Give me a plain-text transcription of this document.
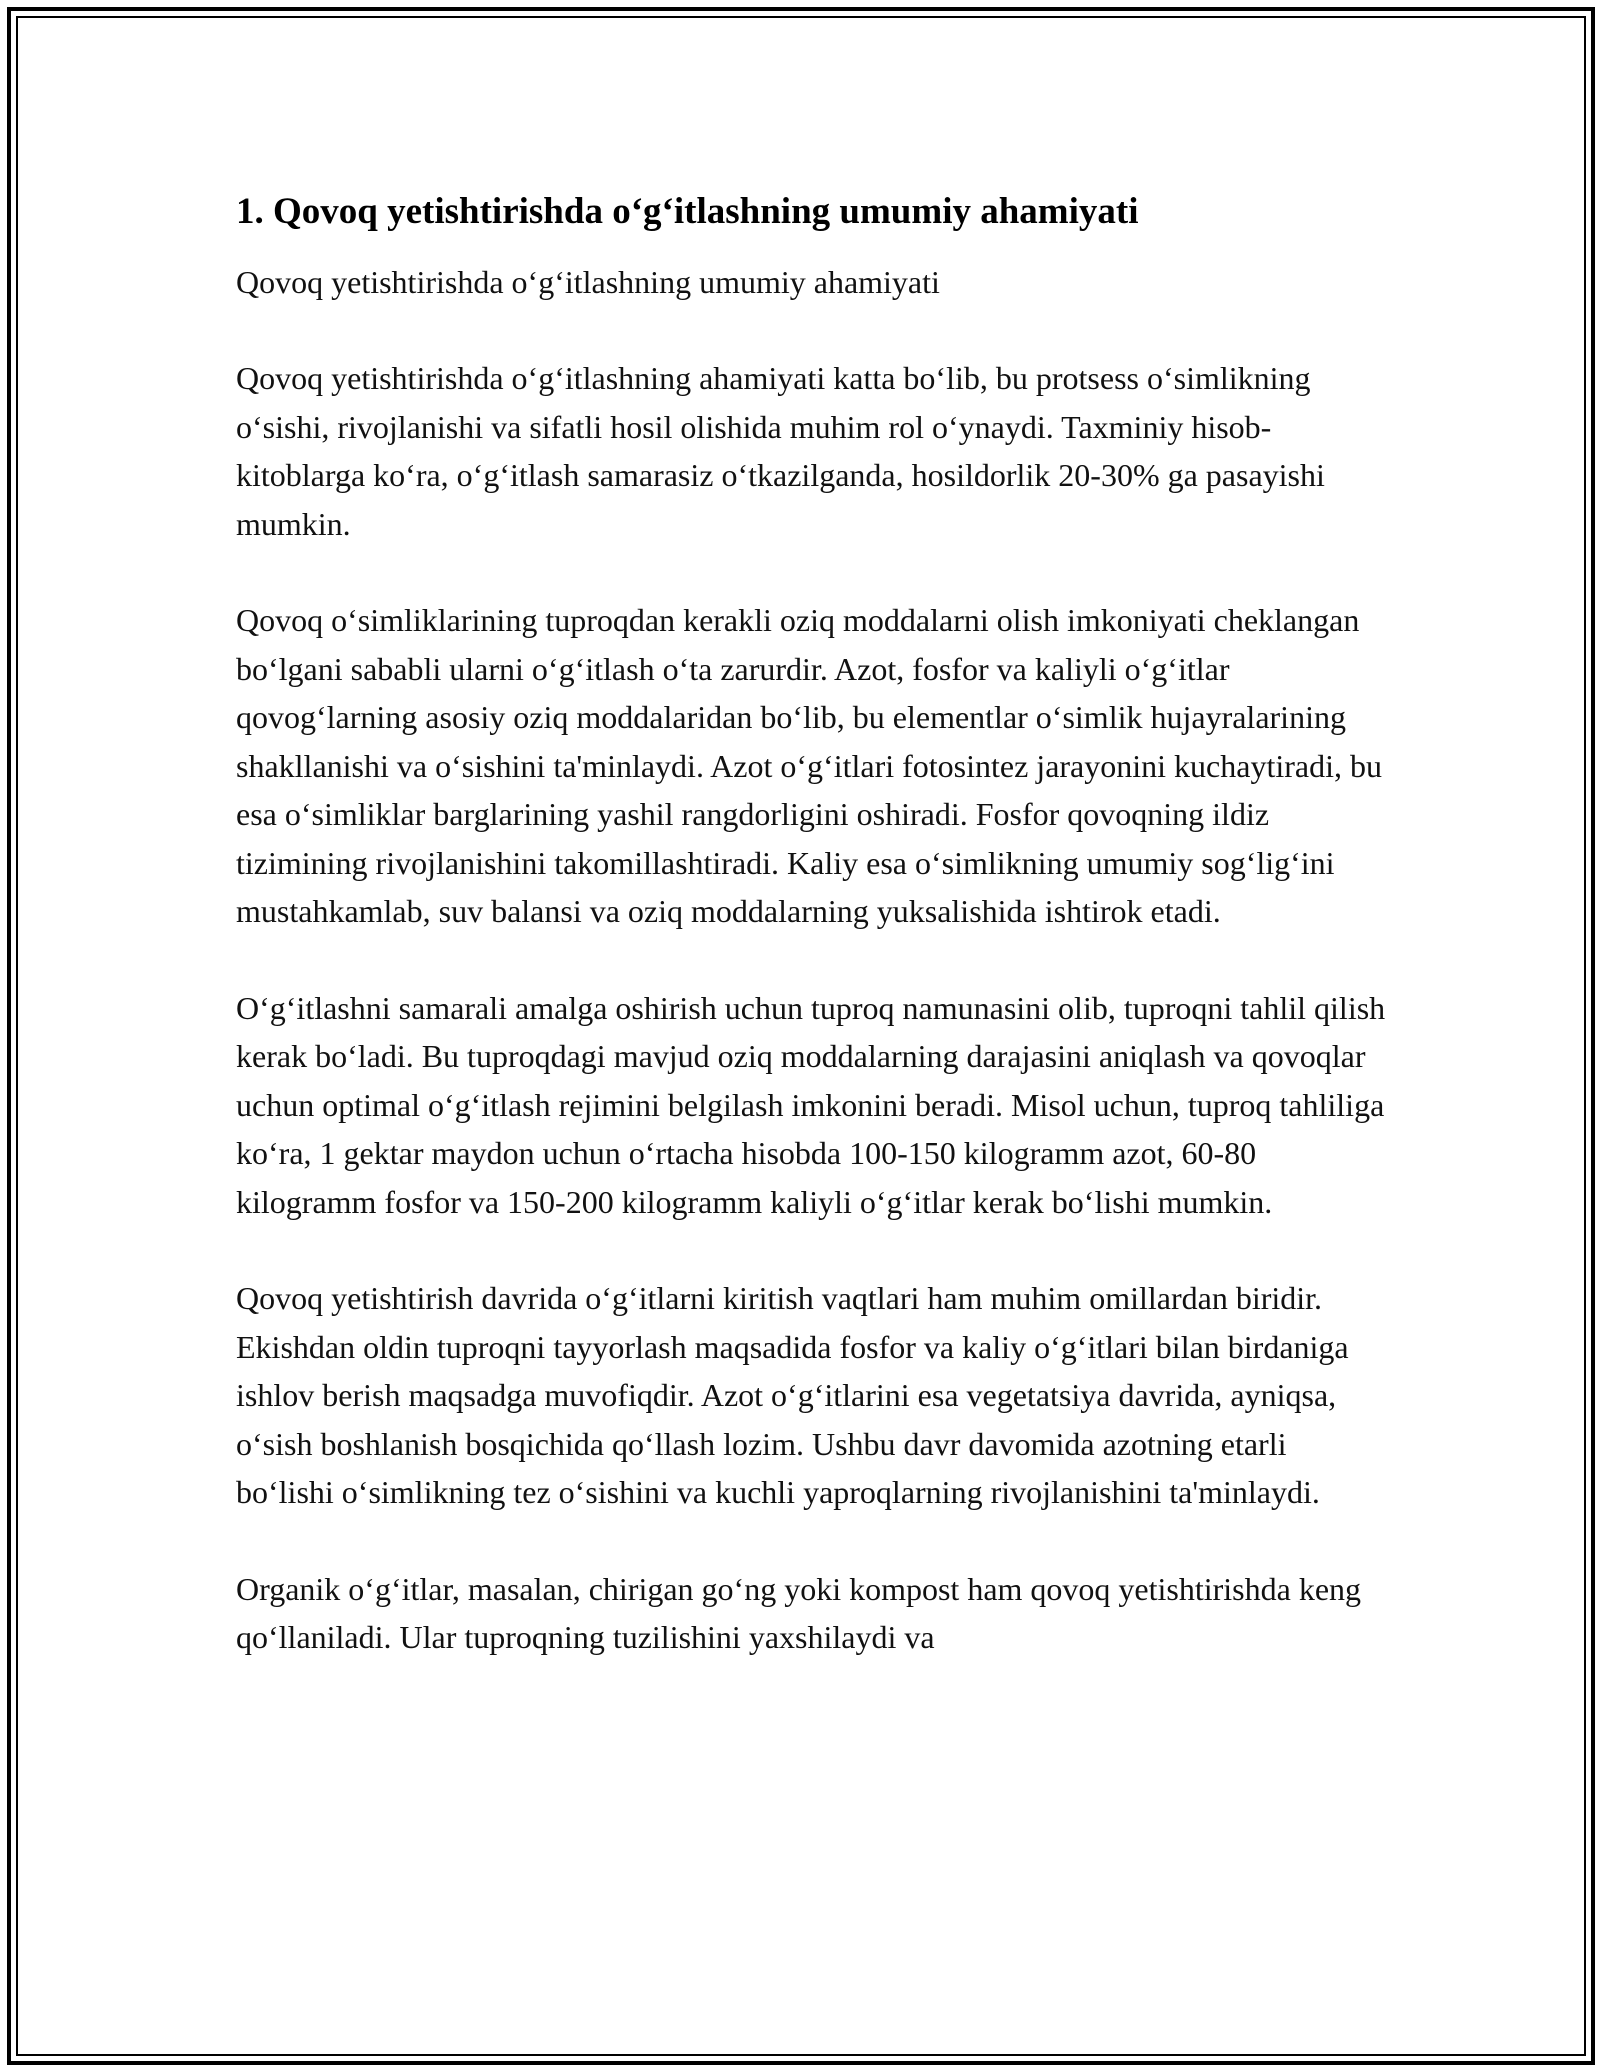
1. Qovoq yetishtirishda oʻgʻitlashning umumiy ahamiyati

Qovoq yetishtirishda oʻgʻitlashning umumiy ahamiyati

Qovoq yetishtirishda oʻgʻitlashning ahamiyati katta boʻlib, bu protsess oʻsimlikning oʻsishi, rivojlanishi va sifatli hosil olishida muhim rol oʻynaydi. Taxminiy hisob-kitoblarga koʻra, oʻgʻitlash samarasiz oʻtkazilganda, hosildorlik 20-30% ga pasayishi mumkin.

Qovoq oʻsimliklarining tuproqdan kerakli oziq moddalarni olish imkoniyati cheklangan boʻlgani sababli ularni oʻgʻitlash oʻta zarurdir. Azot, fosfor va kaliyli oʻgʻitlar qovogʻlarning asosiy oziq moddalaridan boʻlib, bu elementlar oʻsimlik hujayralarining shakllanishi va oʻsishini ta'minlaydi. Azot oʻgʻitlari fotosintez jarayonini kuchaytiradi, bu esa oʻsimliklar barglarining yashil rangdorligini oshiradi. Fosfor qovoqning ildiz tizimining rivojlanishini takomillashtiradi. Kaliy esa oʻsimlikning umumiy sogʻligʻini mustahkamlab, suv balansi va oziq moddalarning yuksalishida ishtirok etadi.

Oʻgʻitlashni samarali amalga oshirish uchun tuproq namunasini olib, tuproqni tahlil qilish kerak boʻladi. Bu tuproqdagi mavjud oziq moddalarning darajasini aniqlash va qovoqlar uchun optimal oʻgʻitlash rejimini belgilash imkonini beradi. Misol uchun, tuproq tahliliga koʻra, 1 gektar maydon uchun oʻrtacha hisobda 100-150 kilogramm azot, 60-80 kilogramm fosfor va 150-200 kilogramm kaliyli oʻgʻitlar kerak boʻlishi mumkin.

Qovoq yetishtirish davrida oʻgʻitlarni kiritish vaqtlari ham muhim omillardan biridir. Ekishdan oldin tuproqni tayyorlash maqsadida fosfor va kaliy oʻgʻitlari bilan birdaniga ishlov berish maqsadga muvofiqdir. Azot oʻgʻitlarini esa vegetatsiya davrida, ayniqsa, oʻsish boshlanish bosqichida qoʻllash lozim. Ushbu davr davomida azotning etarli boʻlishi oʻsimlikning tez oʻsishini va kuchli yaproqlarning rivojlanishini ta'minlaydi.

Organik oʻgʻitlar, masalan, chirigan goʻng yoki kompost ham qovoq yetishtirishda keng qoʻllaniladi. Ular tuproqning tuzilishini yaxshilaydi va
